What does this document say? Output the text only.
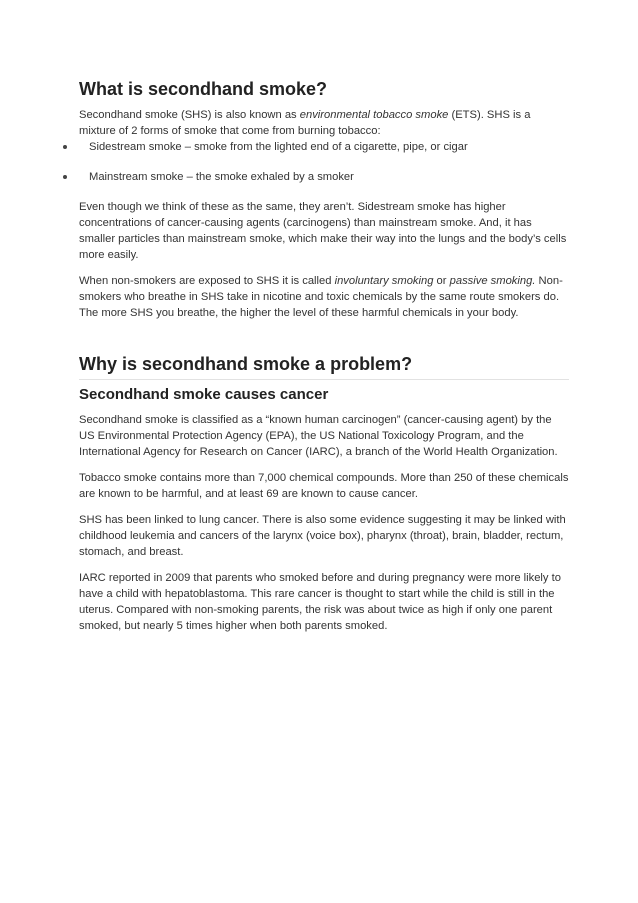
What is secondhand smoke?

Secondhand smoke (SHS) is also known as environmental tobacco smoke (ETS). SHS is a mixture of 2 forms of smoke that come from burning tobacco:

Sidestream smoke – smoke from the lighted end of a cigarette, pipe, or cigar
Mainstream smoke – the smoke exhaled by a smoker

Even though we think of these as the same, they aren’t. Sidestream smoke has higher concentrations of cancer-causing agents (carcinogens) than mainstream smoke. And, it has smaller particles than mainstream smoke, which make their way into the lungs and the body’s cells more easily.

When non-smokers are exposed to SHS it is called involuntary smoking or passive smoking. Non-smokers who breathe in SHS take in nicotine and toxic chemicals by the same route smokers do. The more SHS you breathe, the higher the level of these harmful chemicals in your body.

Why is secondhand smoke a problem?
Secondhand smoke causes cancer

Secondhand smoke is classified as a “known human carcinogen” (cancer-causing agent) by the US Environmental Protection Agency (EPA), the US National Toxicology Program, and the International Agency for Research on Cancer (IARC), a branch of the World Health Organization.

Tobacco smoke contains more than 7,000 chemical compounds. More than 250 of these chemicals are known to be harmful, and at least 69 are known to cause cancer.

SHS has been linked to lung cancer. There is also some evidence suggesting it may be linked with childhood leukemia and cancers of the larynx (voice box), pharynx (throat), brain, bladder, rectum, stomach, and breast.

IARC reported in 2009 that parents who smoked before and during pregnancy were more likely to have a child with hepatoblastoma. This rare cancer is thought to start while the child is still in the uterus. Compared with non-smoking parents, the risk was about twice as high if only one parent smoked, but nearly 5 times higher when both parents smoked.
